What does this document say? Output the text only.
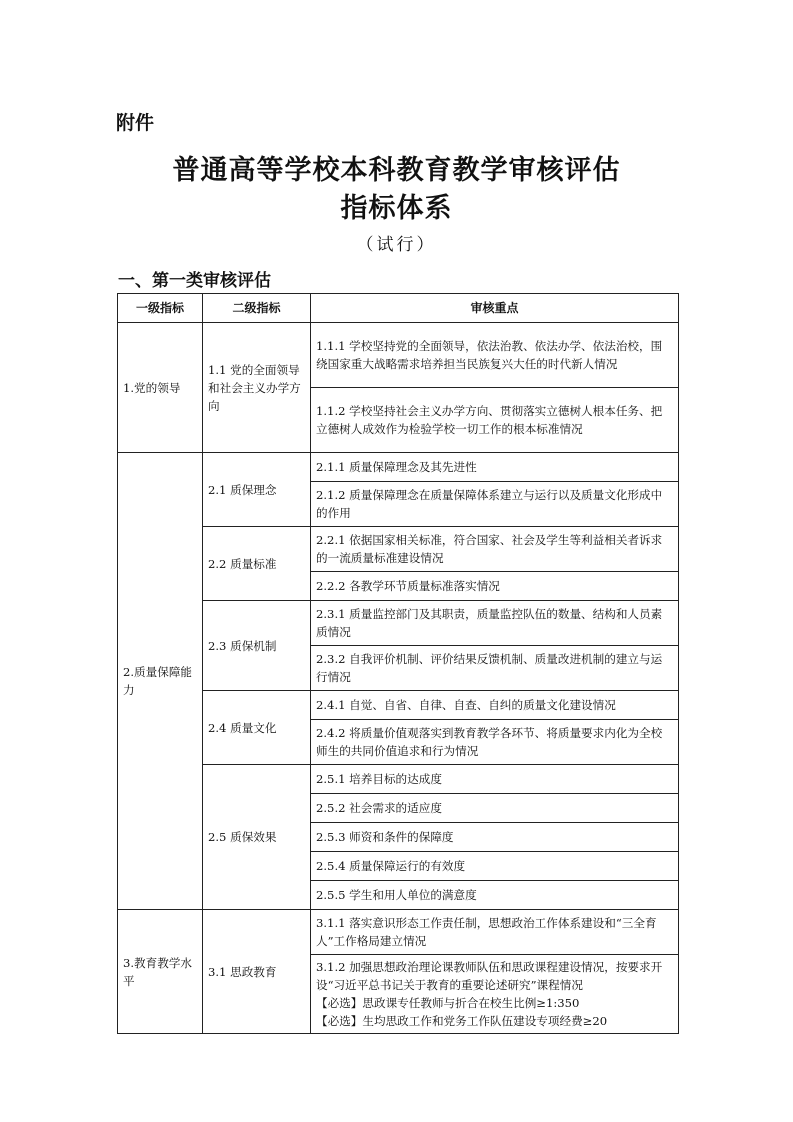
附件
普通高等学校本科教育教学审核评估
指标体系
（试行）
一、第一类审核评估
一级指标	二级指标	审核重点
1.党的领导	1.1 党的全面领导和社会主义办学方向	1.1.1 学校坚持党的全面领导，依法治教、依法办学、依法治校，围绕国家重大战略需求培养担当民族复兴大任的时代新人情况
		1.1.2 学校坚持社会主义办学方向、贯彻落实立德树人根本任务、把立德树人成效作为检验学校一切工作的根本标准情况
2.质量保障能力	2.1 质保理念	2.1.1 质量保障理念及其先进性
		2.1.2 质量保障理念在质量保障体系建立与运行以及质量文化形成中的作用
	2.2 质量标准	2.2.1 依据国家相关标准，符合国家、社会及学生等利益相关者诉求的一流质量标准建设情况
		2.2.2 各教学环节质量标准落实情况
	2.3 质保机制	2.3.1 质量监控部门及其职责，质量监控队伍的数量、结构和人员素质情况
		2.3.2 自我评价机制、评价结果反馈机制、质量改进机制的建立与运行情况
	2.4 质量文化	2.4.1 自觉、自省、自律、自查、自纠的质量文化建设情况
		2.4.2 将质量价值观落实到教育教学各环节、将质量要求内化为全校师生的共同价值追求和行为情况
	2.5 质保效果	2.5.1 培养目标的达成度
		2.5.2 社会需求的适应度
		2.5.3 师资和条件的保障度
		2.5.4 质量保障运行的有效度
		2.5.5 学生和用人单位的满意度
3.教育教学水平	3.1 思政教育	3.1.1 落实意识形态工作责任制，思想政治工作体系建设和“三全育人”工作格局建立情况

		3.1.2 加强思想政治理论课教师队伍和思政课程建设情况，按要求开设“习近平总书记关于教育的重要论述研究”课程情况
【必选】思政课专任教师与折合在校生比例≥1:350
【必选】生均思政工作和党务工作队伍建设专项经费≥20
